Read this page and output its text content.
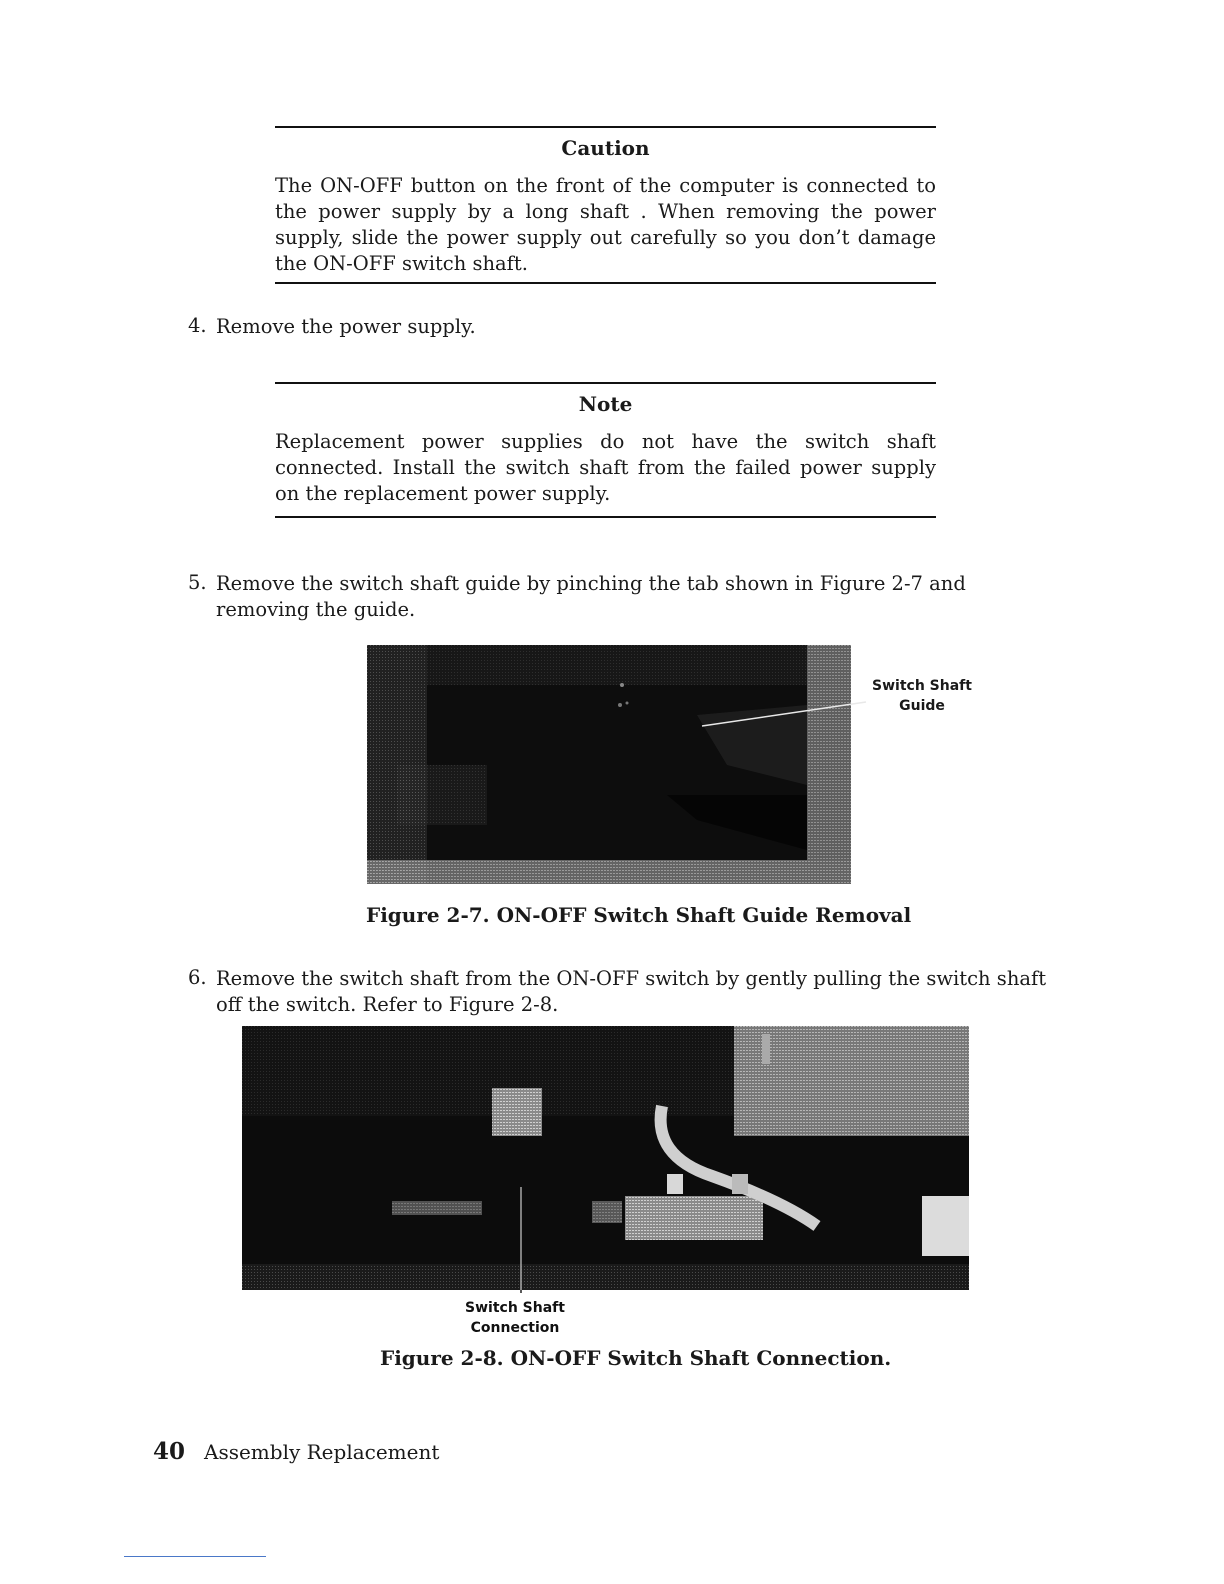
Caution
The ON-OFF button on the front of the computer is connected to the power supply by a long shaft . When removing the power supply, slide the power supply out carefully so you don’t damage the ON-OFF switch shaft.
4. Remove the power supply.
Note
Replacement power supplies do not have the switch shaft connected. Install the switch shaft from the failed power supply on the replacement power supply.
5. Remove the switch shaft guide by pinching the tab shown in Figure 2-7 and removing the guide.
Switch Shaft
Guide
Figure 2-7. ON-OFF Switch Shaft Guide Removal
6. Remove the switch shaft from the ON-OFF switch by gently pulling the switch shaft off the switch. Refer to Figure 2-8.
Switch Shaft
Connection
Figure 2-8. ON-OFF Switch Shaft Connection.
40 Assembly Replacement
